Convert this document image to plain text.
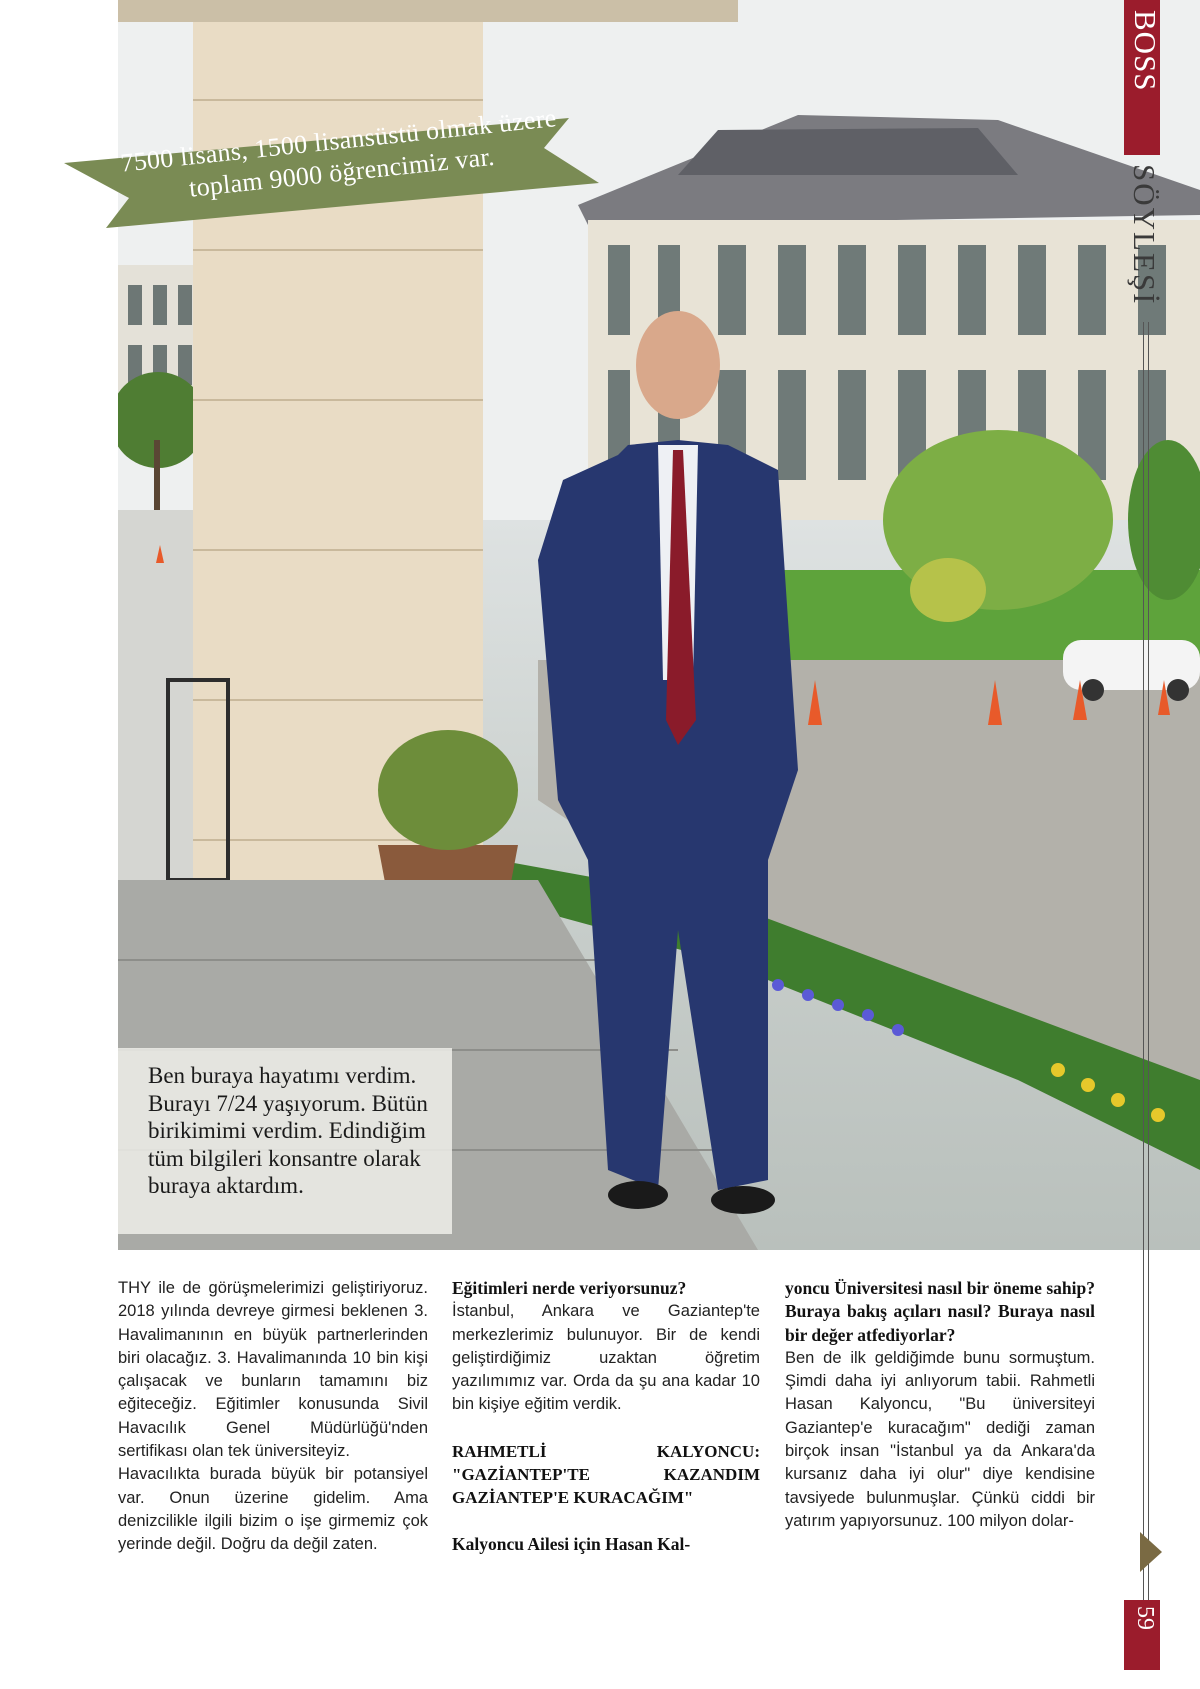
7500 lisans, 1500 lisansüstü olmak üzere toplam 9000 öğrencimiz var.

Ben buraya hayatımı verdim. Burayı 7/24 yaşıyorum. Bütün birikimimi verdim. Edindiğim tüm bilgileri konsantre olarak buraya aktardım.

BOSS
SÖYLEŞİ
59

THY ile de görüşmelerimizi geliştiriyoruz. 2018 yılında devreye girmesi beklenen 3. Havalimanının en büyük partnerlerinden biri olacağız. 3. Havalimanında 10 bin kişi çalışacak ve bunların tamamını biz eğiteceğiz. Eğitimler konusunda Sivil Havacılık Genel Müdürlüğü'nden sertifikası olan tek üniversiteyiz.

Havacılıkta burada büyük bir potansiyel var. Onun üzerine gidelim. Ama denizcilikle ilgili bizim o işe girmemiz çok yerinde değil. Doğru da değil zaten.

Eğitimleri nerde veriyorsunuz?

İstanbul, Ankara ve Gaziantep'te merkezlerimiz bulunuyor. Bir de kendi geliştirdiğimiz uzaktan öğretim yazılımımız var. Orda da şu ana kadar 10 bin kişiye eğitim verdik.

RAHMETLİ KALYONCU: "GAZİANTEP'TE KAZANDIM GAZİANTEP'E KURACAĞIM"

Kalyoncu Ailesi için Hasan Kal-

yoncu Üniversitesi nasıl bir öneme sahip? Buraya bakış açıları nasıl? Buraya nasıl bir değer atfediyorlar?

Ben de ilk geldiğimde bunu sormuştum. Şimdi daha iyi anlıyorum tabii. Rahmetli Hasan Kalyoncu, "Bu üniversiteyi Gaziantep'e kuracağım" dediği zaman birçok insan "İstanbul ya da Ankara'da kursanız daha iyi olur" diye kendisine tavsiyede bulunmuşlar. Çünkü ciddi bir yatırım yapıyorsunuz. 100 milyon dolar-
